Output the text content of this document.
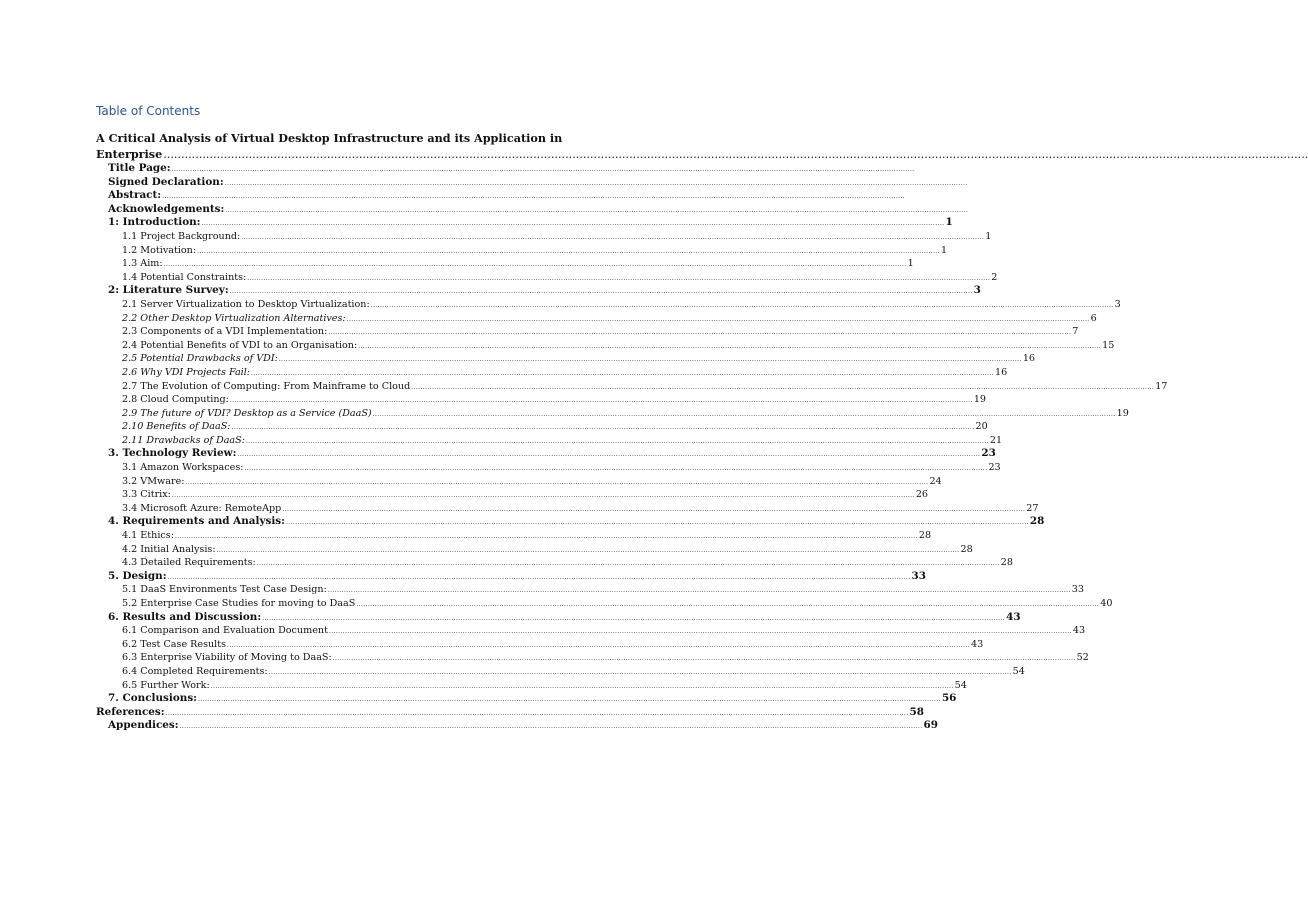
Table of Contents
A Critical Analysis of Virtual Desktop Infrastructure and its Application in
Enterprise ..................................................................................................................................................................................................................................................................................................................................
Title Page: ..................................................................................................................................................................................................................................................................................................................................
Signed Declaration: ..................................................................................................................................................................................................................................................................................................................................
Abstract: ..................................................................................................................................................................................................................................................................................................................................
Acknowledgements: ..................................................................................................................................................................................................................................................................................................................................
1: Introduction: .................................................................................................................................................................................................................................................................................................................................. 1
1.1 Project Background: .................................................................................................................................................................................................................................................................................................................................. 1
1.2 Motivation: .................................................................................................................................................................................................................................................................................................................................. 1
1.3 Aim: .................................................................................................................................................................................................................................................................................................................................. 1
1.4 Potential Constraints: .................................................................................................................................................................................................................................................................................................................................. 2
2: Literature Survey: .................................................................................................................................................................................................................................................................................................................................. 3
2.1 Server Virtualization to Desktop Virtualization: .................................................................................................................................................................................................................................................................................................................................. 3
2.2 Other Desktop Virtualization Alternatives: .................................................................................................................................................................................................................................................................................................................................. 6
2.3 Components of a VDI Implementation: .................................................................................................................................................................................................................................................................................................................................. 7
2.4 Potential Benefits of VDI to an Organisation: .................................................................................................................................................................................................................................................................................................................................. 15
2.5 Potential Drawbacks of VDI: .................................................................................................................................................................................................................................................................................................................................. 16
2.6 Why VDI Projects Fail: .................................................................................................................................................................................................................................................................................................................................. 16
2.7 The Evolution of Computing: From Mainframe to Cloud .................................................................................................................................................................................................................................................................................................................................. 17
2.8 Cloud Computing: .................................................................................................................................................................................................................................................................................................................................. 19
2.9 The future of VDI? Desktop as a Service (DaaS) .................................................................................................................................................................................................................................................................................................................................. 19
2.10 Benefits of DaaS: .................................................................................................................................................................................................................................................................................................................................. 20
2.11 Drawbacks of DaaS: .................................................................................................................................................................................................................................................................................................................................. 21
3. Technology Review: .................................................................................................................................................................................................................................................................................................................................. 23
3.1 Amazon Workspaces: .................................................................................................................................................................................................................................................................................................................................. 23
3.2 VMware: .................................................................................................................................................................................................................................................................................................................................. 24
3.3 Citrix: .................................................................................................................................................................................................................................................................................................................................. 26
3.4 Microsoft Azure: RemoteApp .................................................................................................................................................................................................................................................................................................................................. 27
4. Requirements and Analysis: .................................................................................................................................................................................................................................................................................................................................. 28
4.1 Ethics: .................................................................................................................................................................................................................................................................................................................................. 28
4.2 Initial Analysis: .................................................................................................................................................................................................................................................................................................................................. 28
4.3 Detailed Requirements: .................................................................................................................................................................................................................................................................................................................................. 28
5. Design: .................................................................................................................................................................................................................................................................................................................................. 33
5.1 DaaS Environments Test Case Design: .................................................................................................................................................................................................................................................................................................................................. 33
5.2 Enterprise Case Studies for moving to DaaS .................................................................................................................................................................................................................................................................................................................................. 40
6. Results and Discussion: .................................................................................................................................................................................................................................................................................................................................. 43
6.1 Comparison and Evaluation Document .................................................................................................................................................................................................................................................................................................................................. 43
6.2 Test Case Results .................................................................................................................................................................................................................................................................................................................................. 43
6.3 Enterprise Viability of Moving to DaaS: .................................................................................................................................................................................................................................................................................................................................. 52
6.4 Completed Requirements: .................................................................................................................................................................................................................................................................................................................................. 54
6.5 Further Work: .................................................................................................................................................................................................................................................................................................................................. 54
7. Conclusions: .................................................................................................................................................................................................................................................................................................................................. 56
References: .................................................................................................................................................................................................................................................................................................................................. 58
Appendices: .................................................................................................................................................................................................................................................................................................................................. 69
